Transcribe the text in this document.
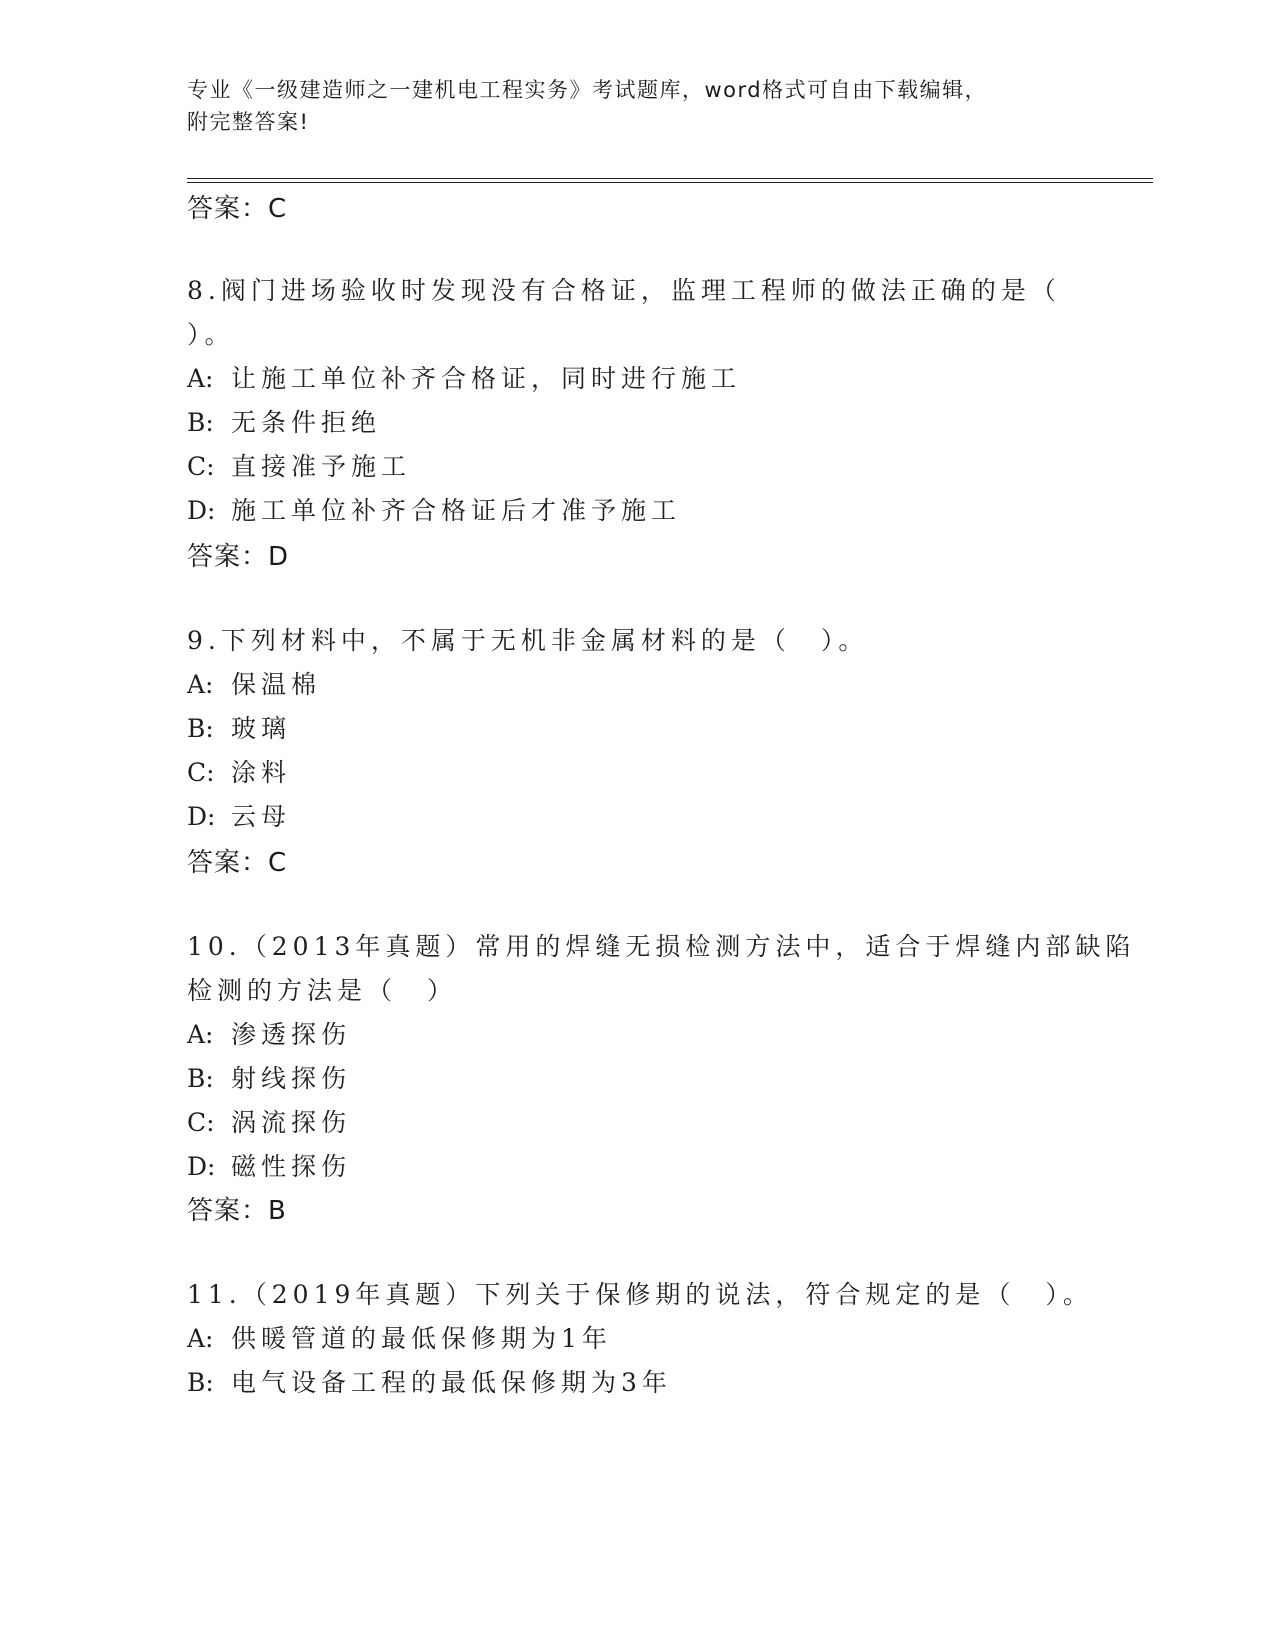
专业《一级建造师之一建机电工程实务》考试题库，word格式可自由下载编辑，
附完整答案!
答案：C
8.阀门进场验收时发现没有合格证，监理工程师的做法正确的是（
）。
A: 让施工单位补齐合格证，同时进行施工
B: 无条件拒绝
C: 直接准予施工
D: 施工单位补齐合格证后才准予施工
答案：D
9.下列材料中，不属于无机非金属材料的是（　）。
A: 保温棉
B: 玻璃
C: 涂料
D: 云母
答案：C
10.（2013年真题）常用的焊缝无损检测方法中，适合于焊缝内部缺陷
检测的方法是（　）
A: 渗透探伤
B: 射线探伤
C: 涡流探伤
D: 磁性探伤
答案：B
11.（2019年真题）下列关于保修期的说法，符合规定的是（　）。
A: 供暖管道的最低保修期为1年
B: 电气设备工程的最低保修期为3年
